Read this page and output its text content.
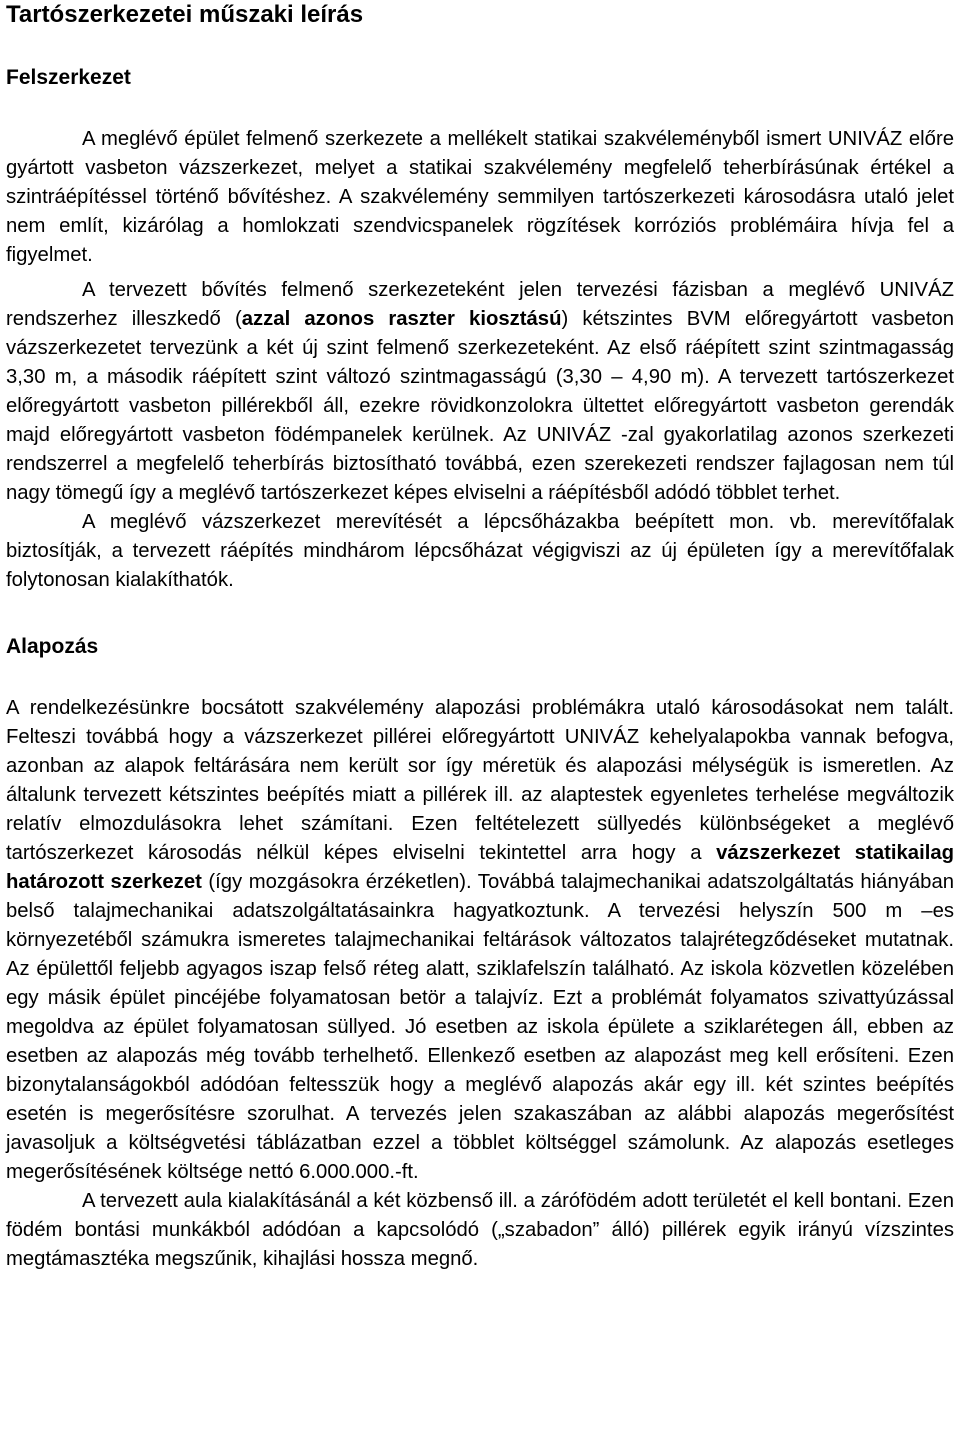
Tartószerkezetei műszaki leírás
Felszerkezet

A meglévő épület felmenő szerkezete a mellékelt statikai szakvéleményből ismert UNIVÁZ előre gyártott vasbeton vázszerkezet, melyet a statikai szakvélemény megfelelő teherbírásúnak értékel a szintráépítéssel történő bővítéshez. A szakvélemény semmilyen tartószerkezeti károsodásra utaló jelet nem említ, kizárólag a homlokzati szendvicspanelek rögzítések korróziós problémáira hívja fel a figyelmet.

A tervezett bővítés felmenő szerkezeteként jelen tervezési fázisban a meglévő UNIVÁZ rendszerhez illeszkedő (azzal azonos raszter kiosztású) kétszintes BVM előregyártott vasbeton vázszerkezetet tervezünk a két új szint felmenő szerkezeteként. Az első ráépített szint szintmagasság 3,30 m, a második ráépített szint változó szintmagasságú (3,30 – 4,90 m). A tervezett tartószerkezet előregyártott vasbeton pillérekből áll, ezekre rövidkonzolokra ültettet előregyártott vasbeton gerendák majd előregyártott vasbeton födémpanelek kerülnek. Az UNIVÁZ -zal gyakorlatilag azonos szerkezeti rendszerrel a megfelelő teherbírás biztosítható továbbá, ezen szerekezeti rendszer fajlagosan nem túl nagy tömegű így a meglévő tartószerkezet képes elviselni a ráépítésből adódó többlet terhet.

A meglévő vázszerkezet merevítését a lépcsőházakba beépített mon. vb. merevítőfalak biztosítják, a tervezett ráépítés mindhárom lépcsőházat végigviszi az új épületen így a merevítőfalak folytonosan kialakíthatók.

Alapozás

A rendelkezésünkre bocsátott szakvélemény alapozási problémákra utaló károsodásokat nem talált. Felteszi továbbá hogy a vázszerkezet pillérei előregyártott UNIVÁZ kehelyalapokba vannak befogva, azonban az alapok feltárására nem került sor így méretük és alapozási mélységük is ismeretlen. Az általunk tervezett kétszintes beépítés miatt a pillérek ill. az alaptestek egyenletes terhelése megváltozik relatív elmozdulásokra lehet számítani. Ezen feltételezett süllyedés különbségeket a meglévő tartószerkezet károsodás nélkül képes elviselni tekintettel arra hogy a vázszerkezet statikailag határozott szerkezet (így mozgásokra érzéketlen). Továbbá talajmechanikai adatszolgáltatás hiányában belső talajmechanikai adatszolgáltatásainkra hagyatkoztunk. A tervezési helyszín 500 m –es környezetéből számukra ismeretes talajmechanikai feltárások változatos talajrétegződéseket mutatnak. Az épülettől feljebb agyagos iszap felső réteg alatt, sziklafelszín található. Az iskola közvetlen közelében egy másik épület pincéjébe folyamatosan betör a talajvíz. Ezt a problémát folyamatos szivattyúzással megoldva az épület folyamatosan süllyed. Jó esetben az iskola épülete a sziklarétegen áll, ebben az esetben az alapozás még tovább terhelhető. Ellenkező esetben az alapozást meg kell erősíteni. Ezen bizonytalanságokból adódóan feltesszük hogy a meglévő alapozás akár egy ill. két szintes beépítés esetén is megerősítésre szorulhat. A tervezés jelen szakaszában az alábbi alapozás megerősítést javasoljuk a költségvetési táblázatban ezzel a többlet költséggel számolunk. Az alapozás esetleges megerősítésének költsége nettó 6.000.000.-ft.

A tervezett aula kialakításánál a két közbenső ill. a zárófödém adott területét el kell bontani. Ezen födém bontási munkákból adódóan a kapcsolódó („szabadon” álló) pillérek egyik irányú vízszintes megtámasztéka megszűnik, kihajlási hossza megnő.
